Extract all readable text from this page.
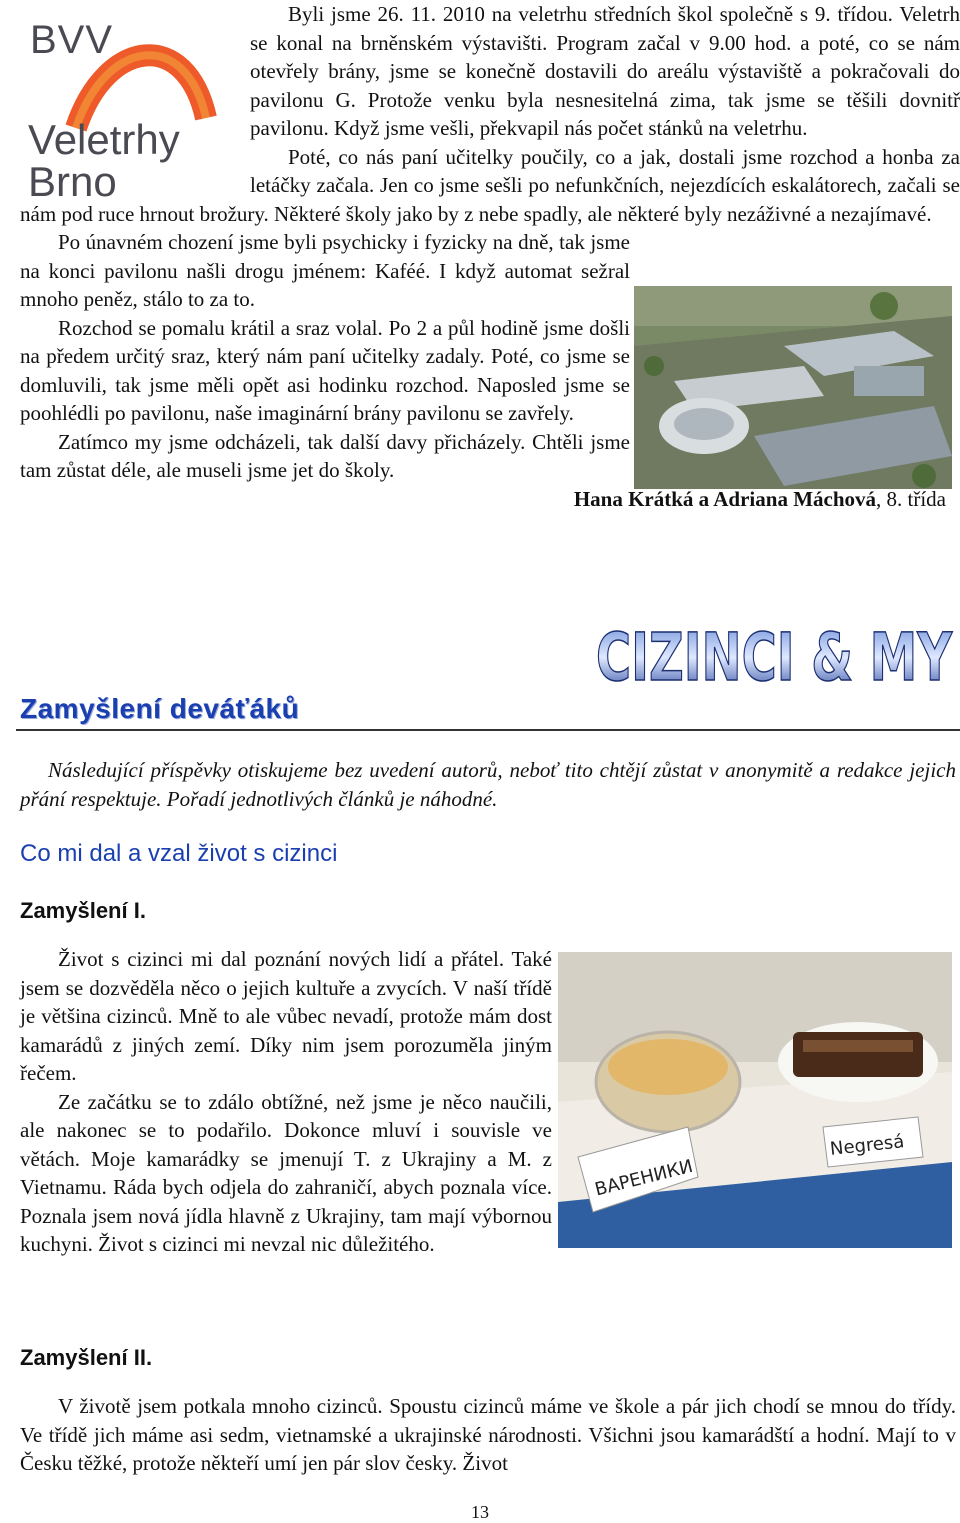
BVV
Veletrhy
Brno
CIZINCI & MY

Byli jsme 26. 11. 2010 na veletrhu středních škol společně s 9. třídou. Veletrh se konal na brněnském výstavišti. Program začal v 9.00 hod. a poté, co se nám otevřely brány, jsme se konečně dostavili do areálu výstaviště a pokračovali do pavilonu G. Protože venku byla nesnesitelná zima, tak jsme se těšili dovnitř pavilonu. Když jsme vešli, překvapil nás počet stánků na veletrhu.

Poté, co nás paní učitelky poučily, co a jak, dostali jsme rozchod a honba za letáčky začala. Jen co jsme sešli po nefunkčních, nejezdících eskalátorech, začali se nám pod ruce hrnout brožury. Některé školy jako by z nebe spadly, ale některé byly nezáživné a nezajímavé.

Po únavném chození jsme byli psychicky i fyzicky na dně, tak jsme na konci pavilonu našli drogu jménem: Kaféé. I když automat sežral mnoho peněz, stálo to za to.

Rozchod se pomalu krátil a sraz volal. Po 2 a půl hodině jsme došli na předem určitý sraz, který nám paní učitelky zadaly. Poté, co jsme se domluvili, tak jsme měli opět asi hodinku rozchod. Naposled jsme se poohlédli po pavilonu, naše imaginární brány pavilonu se zavřely.

Zatímco my jsme odcházeli, tak další davy přicházely. Chtěli jsme tam zůstat déle, ale museli jsme jet do školy.

Hana Krátká a Adriana Máchová, 8. třída

Zamyšlení deváťáků

Následující příspěvky otiskujeme bez uvedení autorů, neboť tito chtějí zůstat v anonymitě a redakce jejich přání respektuje. Pořadí jednotlivých článků je náhodné.

Co mi dal a vzal život s cizinci
Zamyšlení I.
ВАРЕНИКИ
Negresá

Život s cizinci mi dal poznání nových lidí a přátel. Také jsem se dozvěděla něco o jejich kultuře a zvycích. V naší třídě je většina cizinců. Mně to ale vůbec nevadí, protože mám dost kamarádů z jiných zemí. Díky nim jsem porozuměla jiným řečem.

Ze začátku se to zdálo obtížné, než jsme je něco naučili, ale nakonec se to podařilo. Dokonce mluví i souvisle ve větách. Moje kamarádky se jmenují T. z Ukrajiny a M. z Vietnamu. Ráda bych odjela do zahraničí, abych poznala více. Poznala jsem nová jídla hlavně z Ukrajiny, tam mají výbornou kuchyni. Život s cizinci mi nevzal nic důležitého.

Zamyšlení II.

V životě jsem potkala mnoho cizinců. Spoustu cizinců máme ve škole a pár jich chodí se mnou do třídy. Ve třídě jich máme asi sedm, vietnamské a ukrajinské národnosti. Všichni jsou kamarádští a hodní. Mají to v Česku těžké, protože někteří umí jen pár slov česky. Život

13
